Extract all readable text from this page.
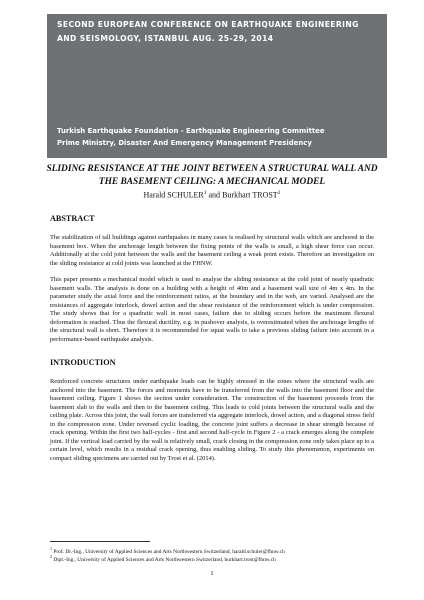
SECOND EUROPEAN CONFERENCE ON EARTHQUAKE ENGINEERING AND SEISMOLOGY, ISTANBUL AUG. 25-29, 2014
Turkish Earthquake Foundation - Earthquake Engineering Committee
Prime Ministry, Disaster And Emergency Management Presidency
SLIDING RESISTANCE AT THE JOINT BETWEEN A STRUCTURAL WALL AND THE BASEMENT CEILING: A MECHANICAL MODEL
Harald SCHULER$^1$ and Burkhart TROST$^2$
ABSTRACT

The stabilization of tall buildings against earthquakes in many cases is realised by structural walls which are anchored in the basement box. When the anchorage length between the fixing points of the walls is small, a high shear force can occur. Additionally at the cold joint between the walls and the basement ceiling a weak point exists. Therefore an investigation on the sliding resistance at cold joints was launched at the FHNW.

This paper presents a mechanical model which is used to analyse the sliding resistance at the cold joint of nearly quadratic basement walls. The analysis is done on a building with a height of 40m and a basement wall size of 4m x 4m. In the parameter study the axial force and the reinforcement ratios, at the boundary and in the web, are varied. Analysed are the resistances of aggregate interlock, dowel action and the shear resistance of the reinforcement which is under compression. The study shows that for a quadratic wall in most cases, failure due to sliding occurs before the maximum flexural deformation is reached. Thus the flexural ductility, e.g. in pushover analysis, is overestimated when the anchorage lengths of the structural wall is short. Therefore it is recommended for squat walls to take a previous sliding failure into account in a performance-based earthquake analysis.

INTRODUCTION

Reinforced concrete structures under earthquake loads can be highly stressed in the zones where the structural walls are anchored into the basement. The forces and moments have to be transferred from the walls into the basement floor and the basement ceiling. Figure 1 shows the section under consideration. The construction of the basement proceeds from the basement slab to the walls and then to the basement ceiling. This leads to cold joints between the structural walls and the ceiling plate. Across this joint, the wall forces are transferred via aggregate interlock, dowel action, and a diagonal stress field in the compression zone. Under reversed cyclic loading, the concrete joint suffers a decrease in shear strength because of crack opening. Within the first two half-cycles - first and second half-cycle in Figure 2 - a crack emerges along the complete joint. If the vertical load carried by the wall is relatively small, crack closing in the compression zone only takes place up to a certain level, which results in a residual crack opening, thus enabling sliding. To study this phenomenon, experiments on compact sliding specimens are carried out by Trost et al. (2014).

$^1$ Prof. Dr.-Ing., University of Applied Sciences and Arts Northwestern Switzerland, harald.schuler@fhnw.ch
$^2$ Dipl.-Ing., University of Applied Sciences and Arts Northwestern Switzerland, burkhart.trost@fhnw.ch
1
